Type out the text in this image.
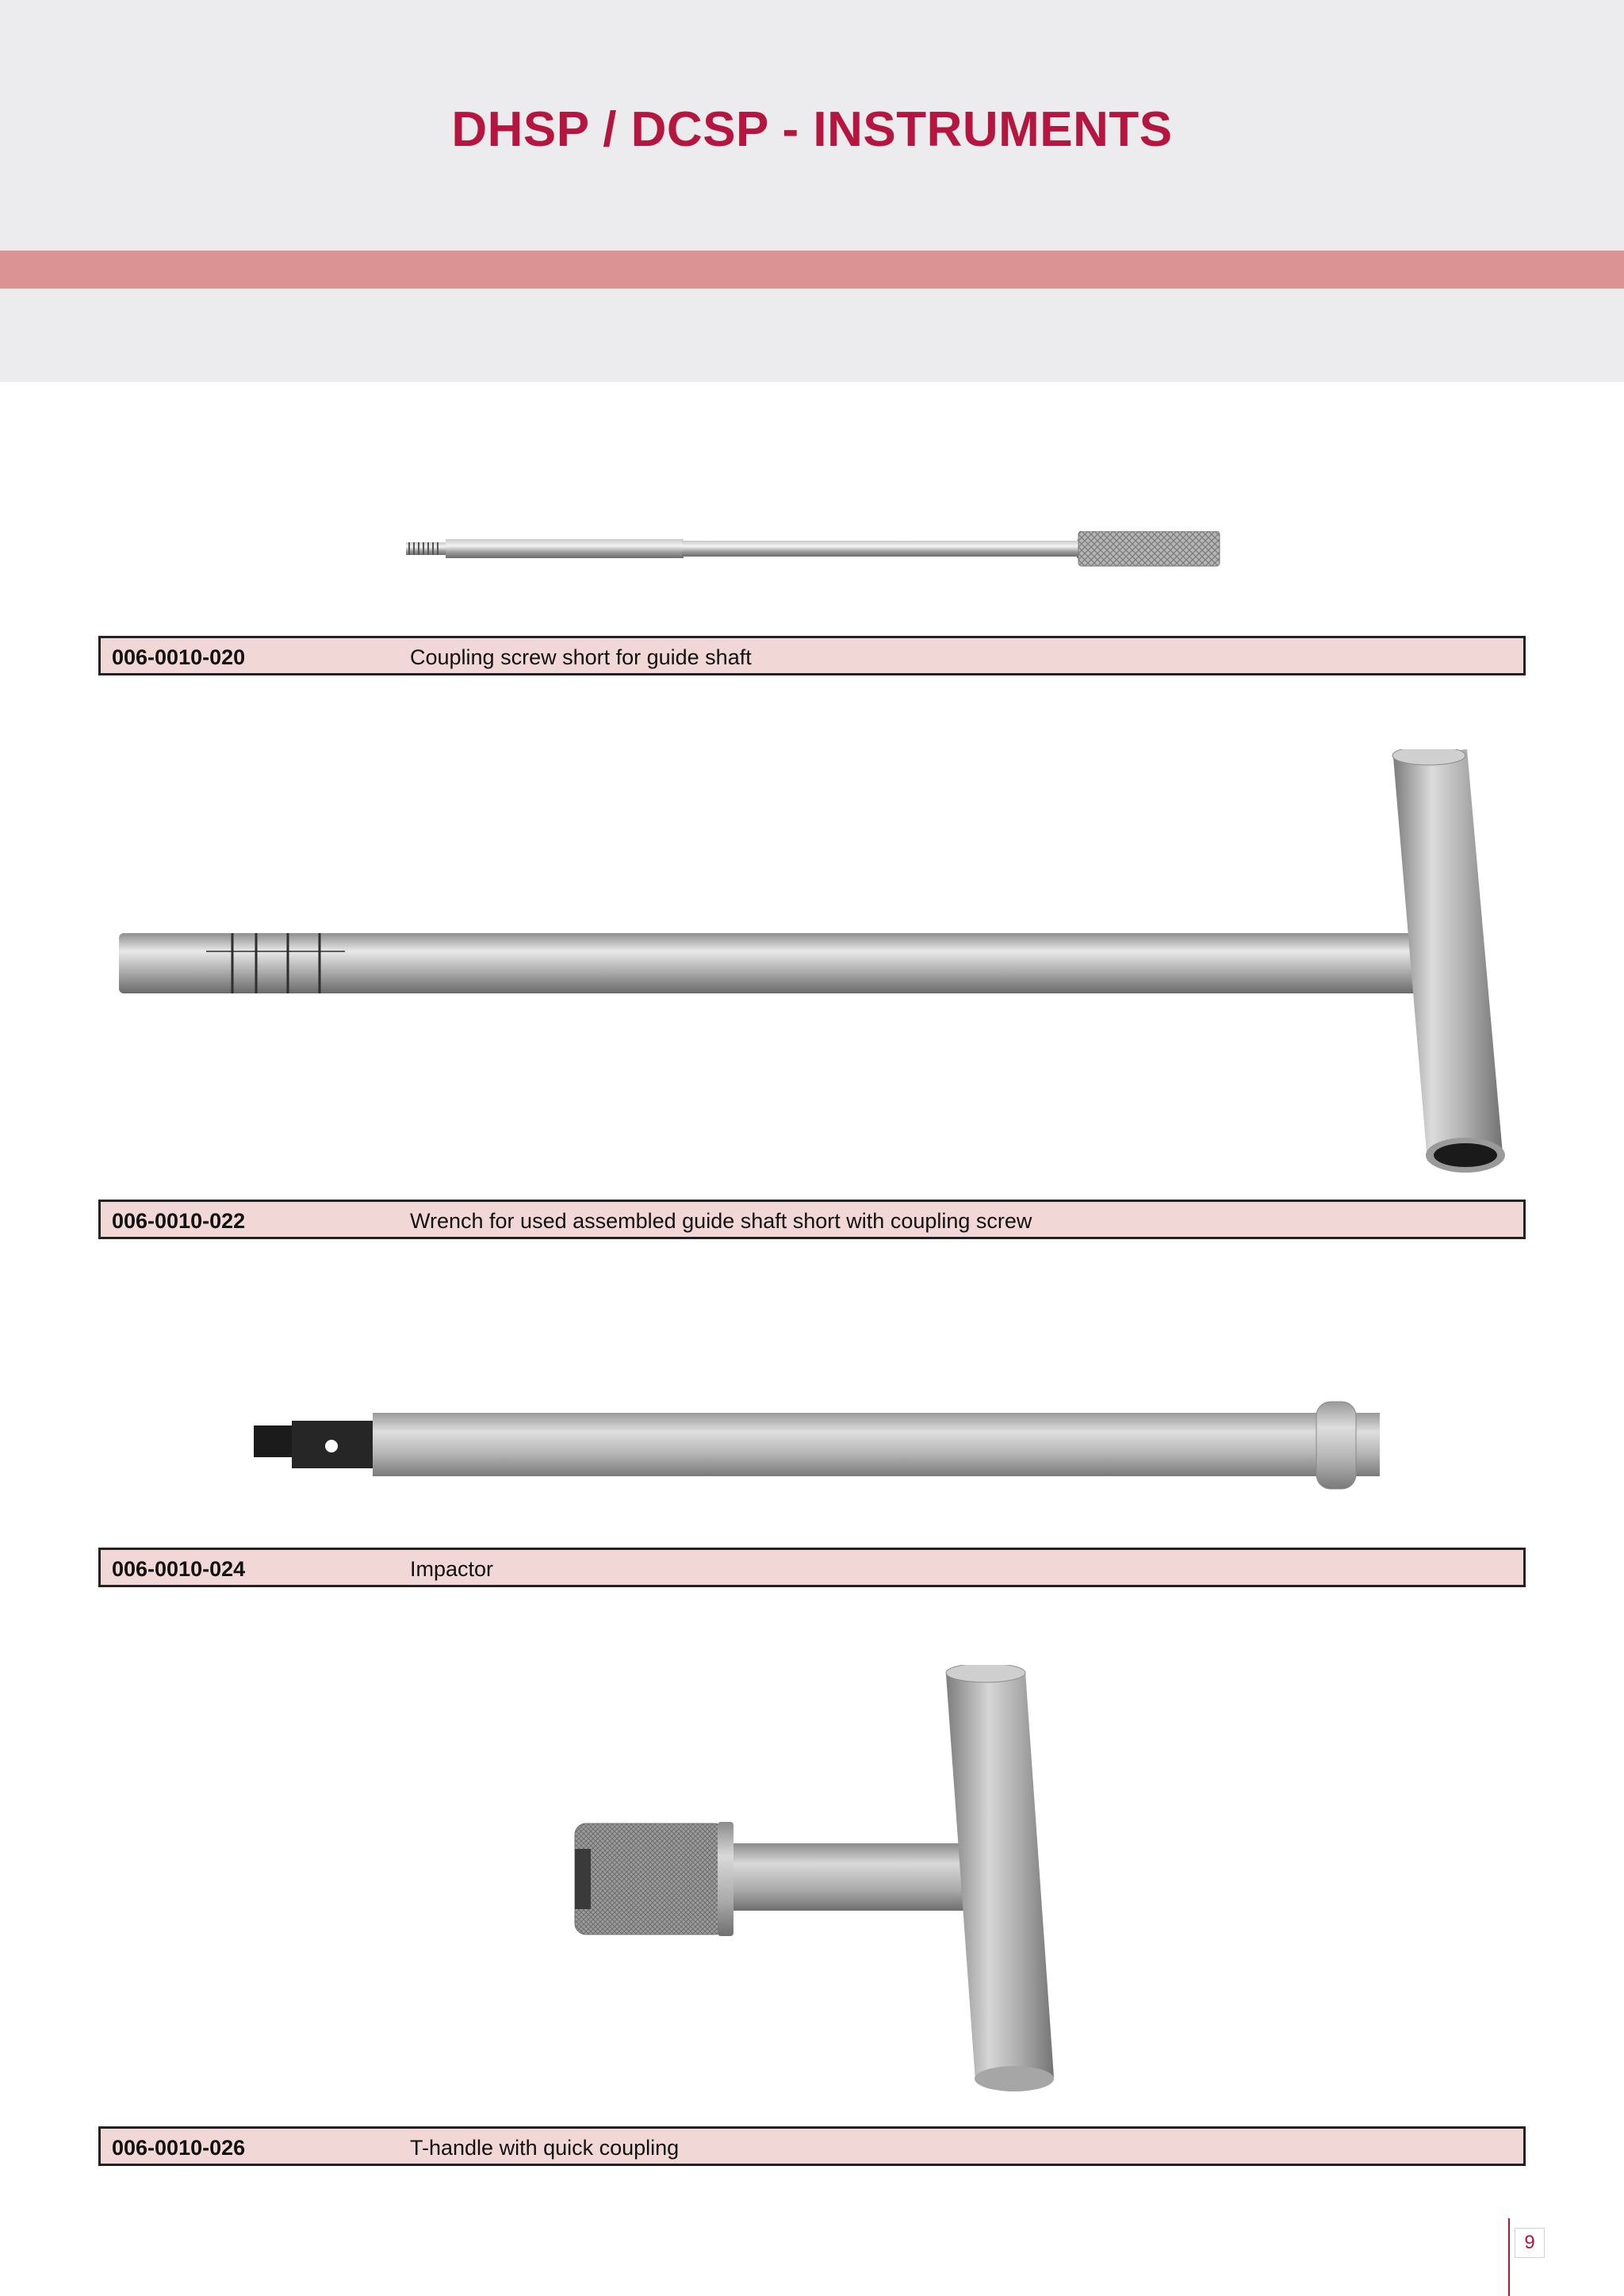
DHSP / DCSP - INSTRUMENTS
006-0010-020	Coupling screw short for guide shaft
006-0010-022	Wrench for used assembled guide shaft short with coupling screw
006-0010-024	Impactor
006-0010-026	T-handle with quick coupling
9
